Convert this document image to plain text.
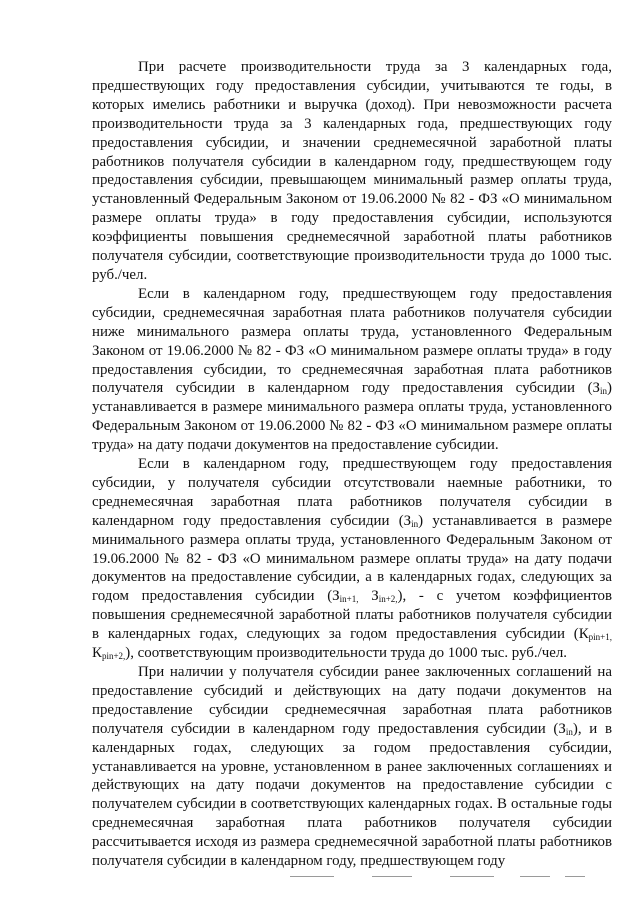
При расчете производительности труда за 3 календарных года, предшествующих году предоставления субсидии, учитываются те годы, в которых имелись работники и выручка (доход). При невозможности расчета производительности труда за 3 календарных года, предшествующих году предоставления субсидии, и значении среднемесячной заработной платы работников получателя субсидии в календарном году, предшествующем году предоставления субсидии, превышающем минимальный размер оплаты труда, установленный Федеральным Законом от 19.06.2000 № 82 - ФЗ «О минимальном размере оплаты труда» в году предоставления субсидии, используются коэффициенты повышения среднемесячной заработной платы работников получателя субсидии, соответствующие производительности труда до 1000 тыс. руб./чел.

Если в календарном году, предшествующем году предоставления субсидии, среднемесячная заработная плата работников получателя субсидии ниже минимального размера оплаты труда, установленного Федеральным Законом от 19.06.2000 № 82 - ФЗ «О минимальном размере оплаты труда» в году предоставления субсидии, то среднемесячная заработная плата работников получателя субсидии в календарном году предоставления субсидии $(З_{in})$ устанавливается в размере минимального размера оплаты труда, установленного Федеральным Законом от 19.06.2000 № 82 - ФЗ «О минимальном размере оплаты труда» на дату подачи документов на предоставление субсидии.

Если в календарном году, предшествующем году предоставления субсидии, у получателя субсидии отсутствовали наемные работники, то среднемесячная заработная плата работников получателя субсидии в календарном году предоставления субсидии $(З_{in})$ устанавливается в размере минимального размера оплаты труда, установленного Федеральным Законом от 19.06.2000 № 82 - ФЗ «О минимальном размере оплаты труда» на дату подачи документов на предоставление субсидии, а в календарных годах, следующих за годом предоставления субсидии ($З_{in+1,}$ $З_{in+2,}$), - с учетом коэффициентов повышения среднемесячной заработной платы работников получателя субсидии в календарных годах, следующих за годом предоставления субсидии ($К_{pin+1,}$ $К_{pin+2,}$), соответствующим производительности труда до 1000 тыс. руб./чел.

При наличии у получателя субсидии ранее заключенных соглашений на предоставление субсидий и действующих на дату подачи документов на предоставление субсидии среднемесячная заработная плата работников получателя субсидии в календарном году предоставления субсидии $(З_{in})$, и в календарных годах, следующих за годом предоставления субсидии, устанавливается на уровне, установленном в ранее заключенных соглашениях и действующих на дату подачи документов на предоставление субсидии с получателем субсидии в соответствующих календарных годах. В остальные годы среднемесячная заработная плата работников получателя субсидии рассчитывается исходя из размера среднемесячной заработной платы работников получателя субсидии в календарном году, предшествующем году
